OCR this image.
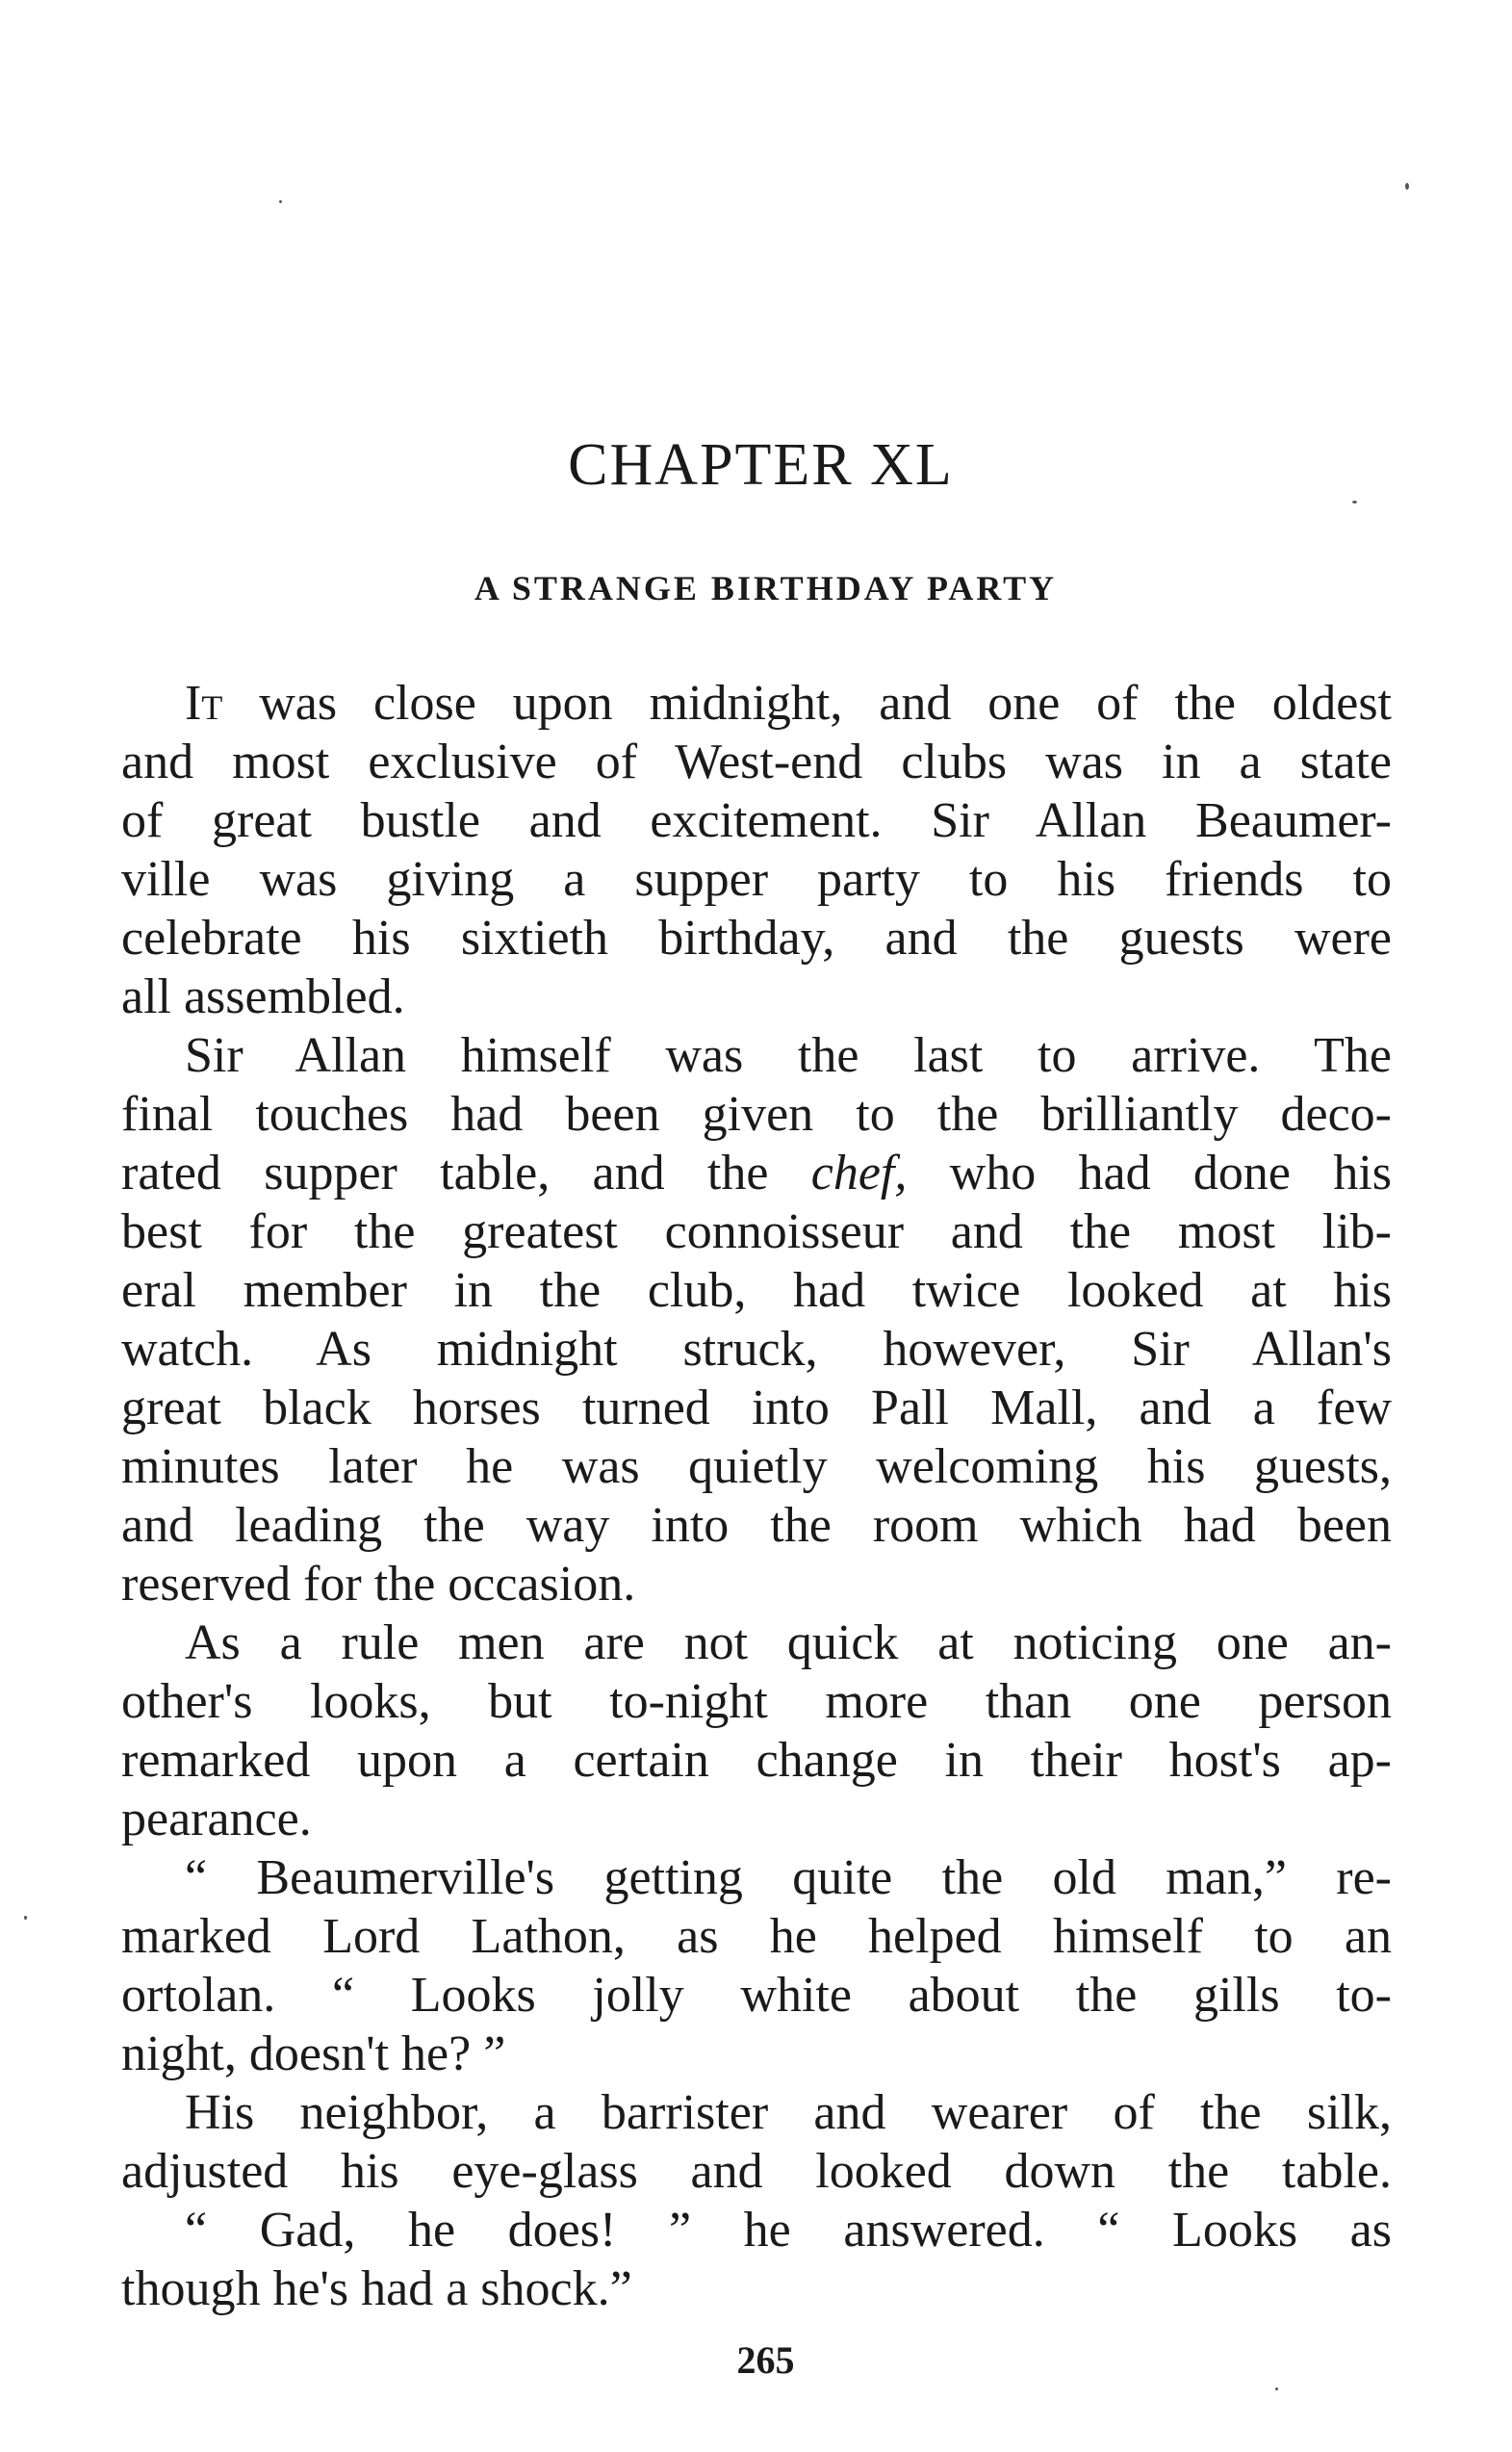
CHAPTER XL
A STRANGE BIRTHDAY PARTY
It was close upon midnight, and one of the oldest
and most exclusive of West-end clubs was in a state
of great bustle and excitement. Sir Allan Beaumer-
ville was giving a supper party to his friends to
celebrate his sixtieth birthday, and the guests were
all assembled.
Sir Allan himself was the last to arrive. The
final touches had been given to the brilliantly deco-
rated supper table, and the chef, who had done his
best for the greatest connoisseur and the most lib-
eral member in the club, had twice looked at his
watch. As midnight struck, however, Sir Allan's
great black horses turned into Pall Mall, and a few
minutes later he was quietly welcoming his guests,
and leading the way into the room which had been
reserved for the occasion.
As a rule men are not quick at noticing one an-
other's looks, but to-night more than one person
remarked upon a certain change in their host's ap-
pearance.
“ Beaumerville's getting quite the old man,” re-
marked Lord Lathon, as he helped himself to an
ortolan. “ Looks jolly white about the gills to-
night, doesn't he? ”
His neighbor, a barrister and wearer of the silk,
adjusted his eye-glass and looked down the table.
“ Gad, he does! ” he answered. “ Looks as
though he's had a shock.”
265
